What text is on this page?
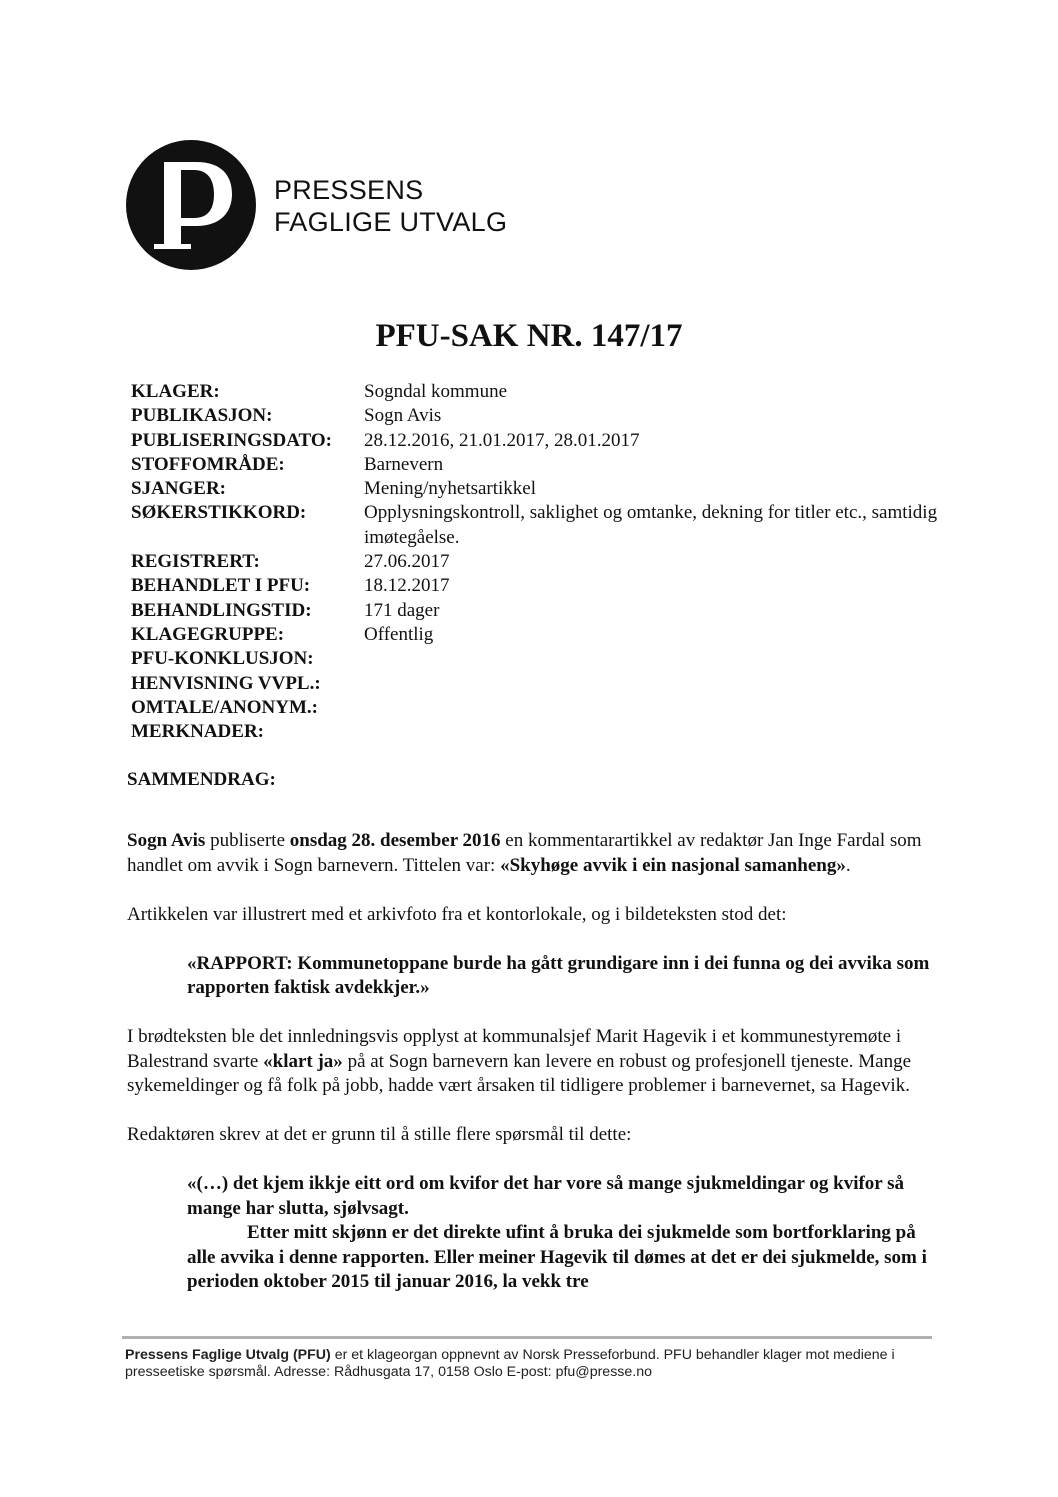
PRESSENS
FAGLIGE UTVALG
PFU-SAK NR. 147/17
KLAGER:	Sogndal kommune
PUBLIKASJON:	Sogn Avis
PUBLISERINGSDATO:	28.12.2016, 21.01.2017, 28.01.2017
STOFFOMRÅDE:	Barnevern
SJANGER:	Mening/nyhetsartikkel
SØKERSTIKKORD:	Opplysningskontroll, saklighet og omtanke, dekning for titler etc., samtidig imøtegåelse.
REGISTRERT:	27.06.2017
BEHANDLET I PFU:	18.12.2017
BEHANDLINGSTID:	171 dager
KLAGEGRUPPE:	Offentlig
PFU-KONKLUSJON:
HENVISNING VVPL.:
OMTALE/ANONYM.:
MERKNADER:

SAMMENDRAG:

Sogn Avis publiserte onsdag 28. desember 2016 en kommentarartikkel av redaktør Jan Inge Fardal som handlet om avvik i Sogn barnevern. Tittelen var: «Skyhøge avvik i ein nasjonal samanheng».

Artikkelen var illustrert med et arkivfoto fra et kontorlokale, og i bildeteksten stod det:

«RAPPORT: Kommunetoppane burde ha gått grundigare inn i dei funna og dei avvika som rapporten faktisk avdekkjer.»

I brødteksten ble det innledningsvis opplyst at kommunalsjef Marit Hagevik i et kommunestyremøte i Balestrand svarte «klart ja» på at Sogn barnevern kan levere en robust og profesjonell tjeneste. Mange sykemeldinger og få folk på jobb, hadde vært årsaken til tidligere problemer i barnevernet, sa Hagevik.

Redaktøren skrev at det er grunn til å stille flere spørsmål til dette:

«(…) det kjem ikkje eitt ord om kvifor det har vore så mange sjukmeldingar og kvifor så mange har slutta, sjølvsagt.
Etter mitt skjønn er det direkte ufint å bruka dei sjukmelde som bortforklaring på alle avvika i denne rapporten. Eller meiner Hagevik til dømes at det er dei sjukmelde, som i perioden oktober 2015 til januar 2016, la vekk tre

Pressens Faglige Utvalg (PFU) er et klageorgan oppnevnt av Norsk Presseforbund. PFU behandler klager mot mediene i presseetiske spørsmål. Adresse: Rådhusgata 17, 0158 Oslo E-post: pfu@presse.no
